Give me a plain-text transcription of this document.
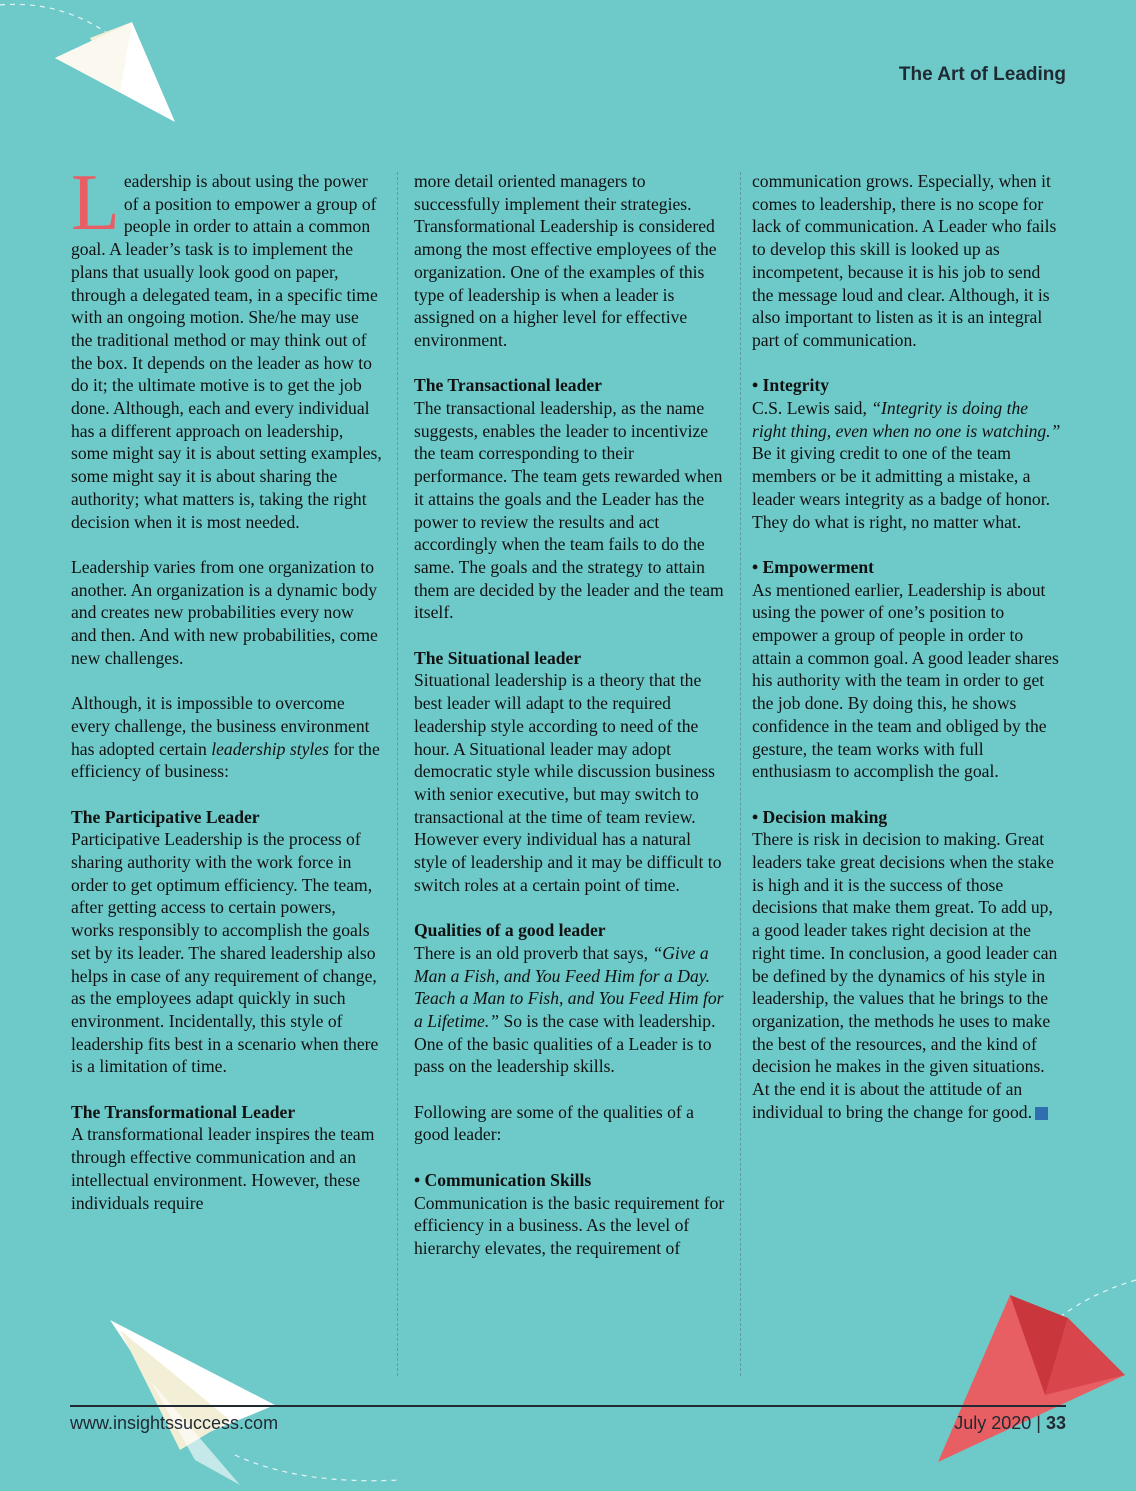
The Art of Leading

Leadership is about using the power of a position to empower a group of people in order to attain a common goal. A leader’s task is to implement the plans that usually look good on paper, through a delegated team, in a specific time with an ongoing motion. She/he may use the traditional method or may think out of the box. It depends on the leader as how to do it; the ultimate motive is to get the job done. Although, each and every individual has a different approach on leadership, some might say it is about setting examples, some might say it is about sharing the authority; what matters is, taking the right decision when it is most needed.

Leadership varies from one organization to another. An organization is a dynamic body and creates new probabilities every now and then. And with new probabilities, come new challenges.

Although, it is impossible to overcome every challenge, the business environment has adopted certain leadership styles for the efficiency of business:

The Participative Leader

Participative Leadership is the process of sharing authority with the work force in order to get optimum efficiency. The team, after getting access to certain powers, works responsibly to accomplish the goals set by its leader. The shared leadership also helps in case of any requirement of change, as the employees adapt quickly in such environment. Incidentally, this style of leadership fits best in a scenario when there is a limitation of time.

The Transformational Leader

A transformational leader inspires the team through effective communication and an intellectual environment. However, these individuals require

more detail oriented managers to successfully implement their strategies. Transformational Leadership is considered among the most effective employees of the organization. One of the examples of this type of leadership is when a leader is assigned on a higher level for effective environment.

The Transactional leader

The transactional leadership, as the name suggests, enables the leader to incentivize the team corresponding to their performance. The team gets rewarded when it attains the goals and the Leader has the power to review the results and act accordingly when the team fails to do the same. The goals and the strategy to attain them are decided by the leader and the team itself.

The Situational leader

Situational leadership is a theory that the best leader will adapt to the required leadership style according to need of the hour. A Situational leader may adopt democratic style while discussion business with senior executive, but may switch to transactional at the time of team review. However every individual has a natural style of leadership and it may be difficult to switch roles at a certain point of time.

Qualities of a good leader

There is an old proverb that says, “Give a Man a Fish, and You Feed Him for a Day. Teach a Man to Fish, and You Feed Him for a Lifetime.” So is the case with leadership. One of the basic qualities of a Leader is to pass on the leadership skills.

Following are some of the qualities of a good leader:

• Communication Skills

Communication is the basic requirement for efficiency in a business. As the level of hierarchy elevates, the requirement of

communication grows. Especially, when it comes to leadership, there is no scope for lack of communication. A Leader who fails to develop this skill is looked up as incompetent, because it is his job to send the message loud and clear. Although, it is also important to listen as it is an integral part of communication.

• Integrity

C.S. Lewis said, “Integrity is doing the right thing, even when no one is watching.” Be it giving credit to one of the team members or be it admitting a mistake, a leader wears integrity as a badge of honor. They do what is right, no matter what.

• Empowerment

As mentioned earlier, Leadership is about using the power of one’s position to empower a group of people in order to attain a common goal. A good leader shares his authority with the team in order to get the job done. By doing this, he shows confidence in the team and obliged by the gesture, the team works with full enthusiasm to accomplish the goal.

• Decision making

There is risk in decision to making. Great leaders take great decisions when the stake is high and it is the success of those decisions that make them great. To add up, a good leader takes right decision at the right time. In conclusion, a good leader can be defined by the dynamics of his style in leadership, the values that he brings to the organization, the methods he uses to make the best of the resources, and the kind of decision he makes in the given situations. At the end it is about the attitude of an individual to bring the change for good.

www.insightssuccess.com	July 2020 | 33
